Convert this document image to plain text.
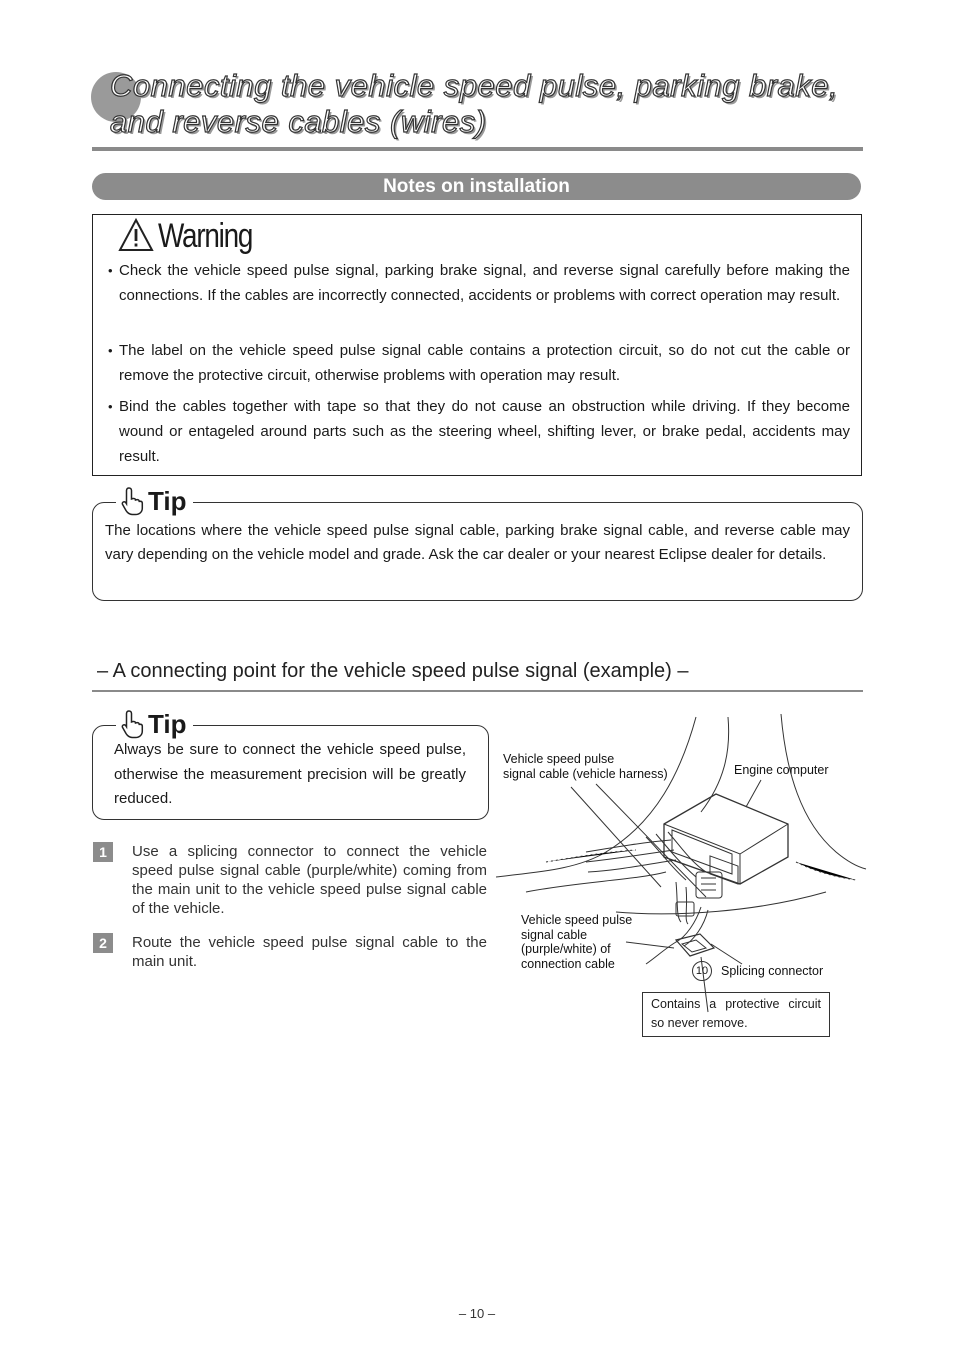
Connecting the vehicle speed pulse, parking brake, and reverse cables (wires)
Notes on installation
Warning

• Check the vehicle speed pulse signal, parking brake signal, and reverse signal carefully before making the connections. If the cables are incorrectly connected, accidents or problems with correct operation may result.

• The label on the vehicle speed pulse signal cable contains a protection circuit, so do not cut the cable or remove the protective circuit, otherwise problems with operation may result.

• Bind the cables together with tape so that they do not cause an obstruction while driving. If they become wound or entageled around parts such as the steering wheel, shifting lever, or brake pedal, accidents may result.

Tip

The locations where the vehicle speed pulse signal cable, parking brake signal cable, and reverse cable may vary depending on the vehicle model and grade. Ask the car dealer or your nearest Eclipse dealer for details.

– A connecting point for the vehicle speed pulse signal (example) –
Tip

Always be sure to connect the vehicle speed pulse, otherwise the measurement precision will be greatly reduced.

1	Use a splicing connector to connect the vehicle speed pulse signal cable (purple/white) coming from the main unit to the vehicle speed pulse signal cable of the vehicle.

2	Route the vehicle speed pulse signal cable to the main unit.

Vehicle speed pulse
signal cable (vehicle harness)	Engine computer
Vehicle speed pulse
signal cable
(purple/white) of
connection cable
10	Splicing connector

Contains a protective circuit so never remove.

– 10 –
